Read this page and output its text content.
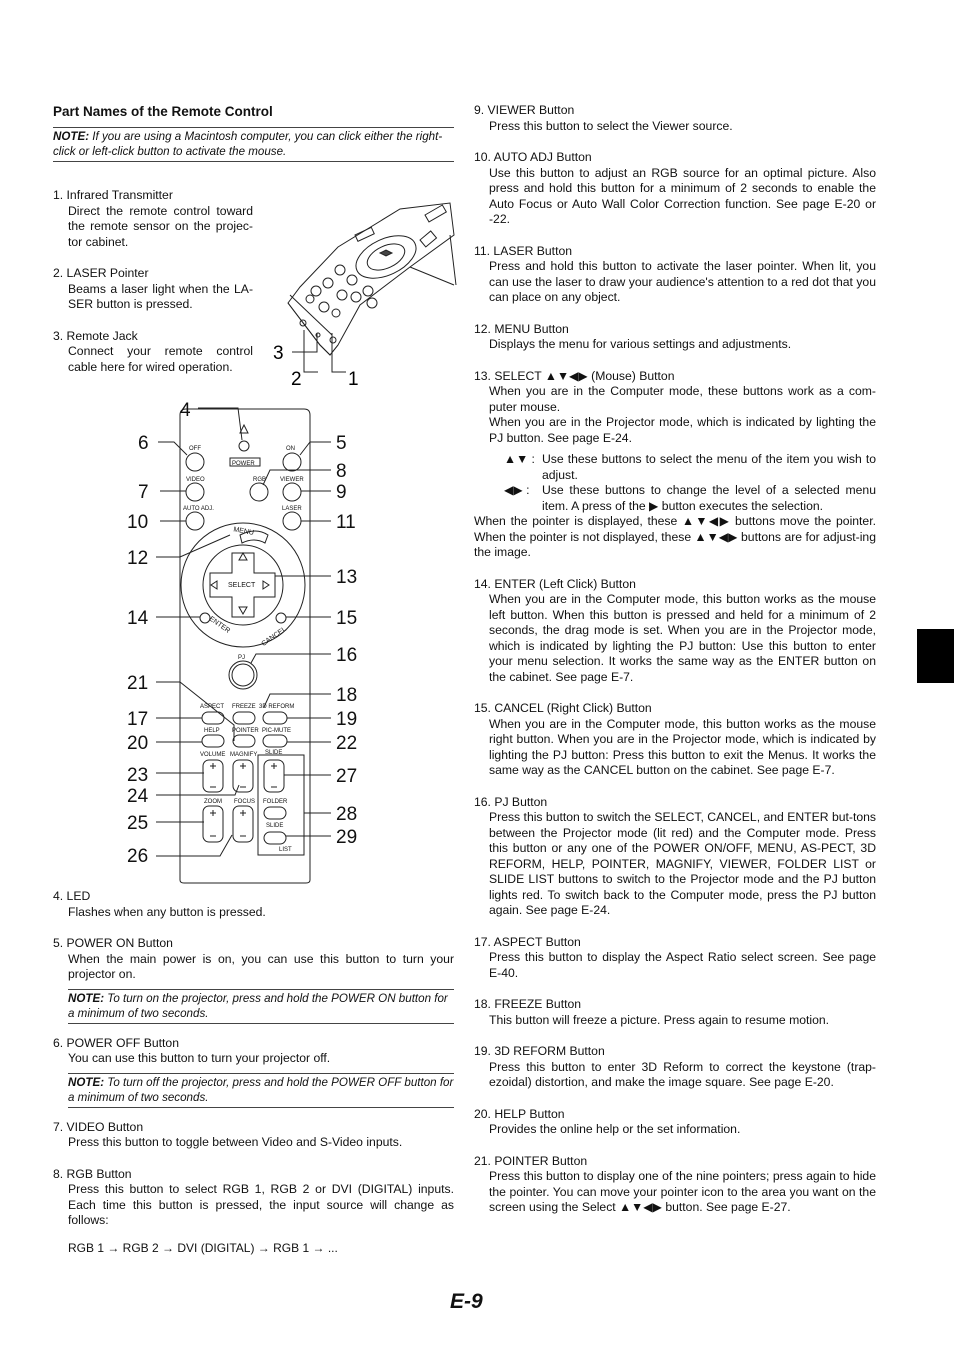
Part Names of the Remote Control
NOTE: If you are using a Macintosh computer, you can click either the right-click or left-click button to activate the mouse.
1. Infrared Transmitter
Direct the remote control toward the remote sensor on the projec-tor cabinet.
2. LASER Pointer
Beams a laser light when the LA-SER button is pressed.
3. Remote Jack
Connect your remote control cable here for wired operation.
3
2 1
OFF	ON
POWER
VIDEO	RGB VIEWER
AUTO ADJ.	LASER
MENU
SELECT
ENTER
CANCEL
PJ
ASPECT FREEZE 3D REFORM
HELP POINTER PIC-MUTE
VOLUME MAGNIFY SLIDE
ZOOM FOCUS FOLDER
SLIDE
LIST
4
6	5
8
7	9
10	11
12
13
14	15
16
21
18
17	19
20	22
23	27
24
25	28
29
26
4. LED
Flashes when any button is pressed.
5. POWER ON Button
When the main power is on, you can use this button to turn your projector on.
NOTE: To turn on the projector, press and hold the POWER ON button for a minimum of two seconds.
6. POWER OFF Button
You can use this button to turn your projector off.
NOTE: To turn off the projector, press and hold the POWER OFF button for a minimum of two seconds.
7. VIDEO Button
Press this button to toggle between Video and S-Video inputs.
8. RGB Button
Press this button to select RGB 1, RGB 2 or DVI (DIGITAL) inputs. Each time this button is pressed, the input source will change as follows:
RGB 1 → RGB 2 → DVI (DIGITAL) → RGB 1 → ...
9. VIEWER Button
Press this button to select the Viewer source.
10. AUTO ADJ Button
Use this button to adjust an RGB source for an optimal picture. Also press and hold this button for a minimum of 2 seconds to enable the Auto Focus or Auto Wall Color Correction function. See page E-20 or -22.
11. LASER Button
Press and hold this button to activate the laser pointer. When lit, you can use the laser to draw your audience's attention to a red dot that you can place on any object.
12. MENU Button
Displays the menu for various settings and adjustments.
13. SELECT ▲▼◀▶ (Mouse) Button
When you are in the Computer mode, these buttons work as a com-puter mouse.
When you are in the Projector mode, which is indicated by lighting the PJ button. See page E-24.
▲▼ : Use these buttons to select the menu of the item you wish to adjust.
◀▶ :	Use these buttons to change the level of a selected menu item. A press of the ▶ button executes the selection.
When the pointer is displayed, these ▲▼◀▶ buttons move the pointer. When the pointer is not displayed, these ▲▼◀▶ buttons are for adjust-ing the image.
14. ENTER (Left Click) Button
When you are in the Computer mode, this button works as the mouse left button. When this button is pressed and held for a minimum of 2 seconds, the drag mode is set. When you are in the Projector mode, which is indicated by lighting the PJ button: Use this button to enter your menu selection. It works the same way as the ENTER button on the cabinet. See page E-7.
15. CANCEL (Right Click) Button
When you are in the Computer mode, this button works as the mouse right button. When you are in the Projector mode, which is indicated by lighting the PJ button: Press this button to exit the Menus. It works the same way as the CANCEL button on the cabinet. See page E-7.
16. PJ Button
Press this button to switch the SELECT, CANCEL, and ENTER but-tons between the Projector mode (lit red) and the Computer mode. Press this button or any one of the POWER ON/OFF, MENU, AS-PECT, 3D REFORM, HELP, POINTER, MAGNIFY, VIEWER, FOLDER LIST or SLIDE LIST buttons to switch to the Projector mode and the PJ button lights red. To switch back to the Computer mode, press the PJ button again. See page E-24.
17. ASPECT Button
Press this button to display the Aspect Ratio select screen. See page E-40.
18. FREEZE Button
This button will freeze a picture. Press again to resume motion.
19. 3D REFORM Button
Press this button to enter 3D Reform to correct the keystone (trap-ezoidal) distortion, and make the image square. See page E-20.
20. HELP Button
Provides the online help or the set information.
21. POINTER Button
Press this button to display one of the nine pointers; press again to hide the pointer. You can move your pointer icon to the area you want on the screen using the Select ▲▼◀▶ button. See page E-27.
E-9
